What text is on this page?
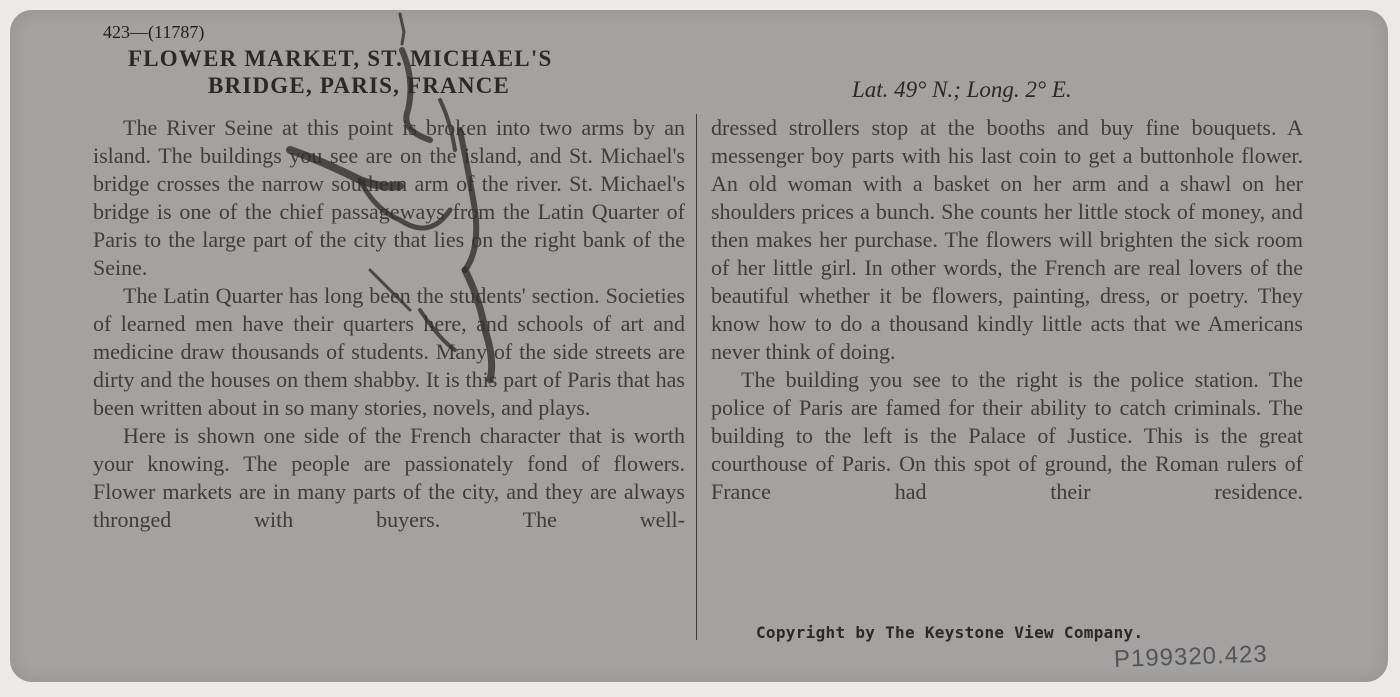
423—(11787)

FLOWER MARKET, ST. MICHAEL'S

BRIDGE, PARIS, FRANCE	Lat. 49° N.; Long. 2° E.

The River Seine at this point is broken into two arms by an island. The buildings you see are on the island, and St. Michael's bridge crosses the narrow southern arm of the river. St. Michael's bridge is one of the chief passageways from the Latin Quarter of Paris to the large part of the city that lies on the right bank of the Seine.

The Latin Quarter has long been the students' section. Societies of learned men have their quarters here, and schools of art and medicine draw thousands of students. Many of the side streets are dirty and the houses on them shabby. It is this part of Paris that has been written about in so many stories, novels, and plays.

Here is shown one side of the French character that is worth your knowing. The people are passionately fond of flowers. Flower markets are in many parts of the city, and they are always thronged with buyers. The well-

dressed strollers stop at the booths and buy fine bouquets. A messenger boy parts with his last coin to get a buttonhole flower. An old woman with a basket on her arm and a shawl on her shoulders prices a bunch. She counts her little stock of money, and then makes her purchase. The flowers will brighten the sick room of her little girl. In other words, the French are real lovers of the beautiful whether it be flowers, painting, dress, or poetry. They know how to do a thousand kindly little acts that we Americans never think of doing.

The building you see to the right is the police station. The police of Paris are famed for their ability to catch criminals. The building to the left is the Palace of Justice. This is the great courthouse of Paris. On this spot of ground, the Roman rulers of France had their residence.

Copyright by The Keystone View Company.

P199320.423
